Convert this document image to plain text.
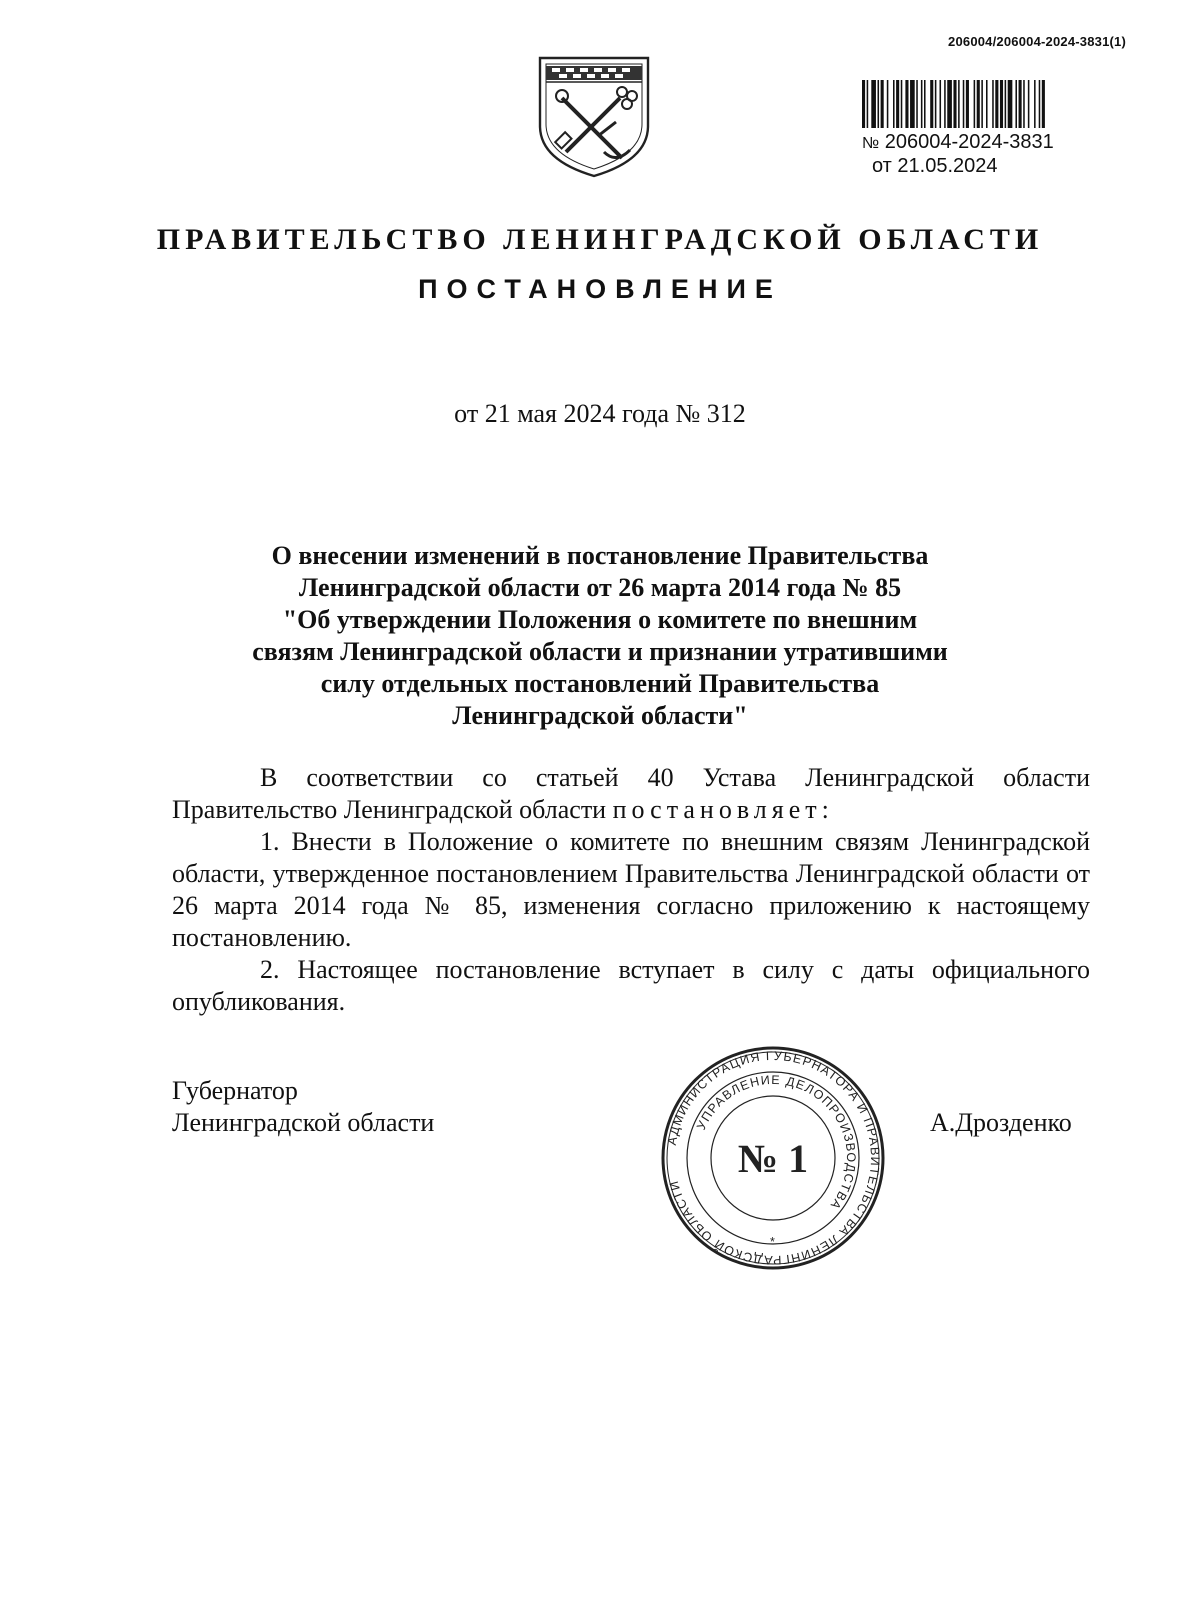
206004/206004-2024-3831(1)
№ 206004-2024-3831
от 21.05.2024
ПРАВИТЕЛЬСТВО ЛЕНИНГРАДСКОЙ ОБЛАСТИ
ПОСТАНОВЛЕНИЕ
от 21 мая 2024 года № 312
О внесении изменений в постановление Правительства
Ленинградской области от 26 марта 2014 года № 85
"Об утверждении Положения о комитете по внешним
связям Ленинградской области и признании утратившими
силу отдельных постановлений Правительства
Ленинградской области"

В соответствии со статьей 40 Устава Ленинградской области Правительство Ленинградской области постановляет:

1. Внести в Положение о комитете по внешним связям Ленинградской области, утвержденное постановлением Правительства Ленинградской области от 26 марта 2014 года № 85, изменения согласно приложению к настоящему постановлению.

2. Настоящее постановление вступает в силу с даты официального опубликования.

Губернатор
Ленинградской области	А.Дрозденко
АДМИНИСТРАЦИЯ ГУБЕРНАТОРА И ПРАВИТЕЛЬСТВА ЛЕНИНГРАДСКОЙ ОБЛАСТИ
УПРАВЛЕНИЕ ДЕЛОПРОИЗВОДСТВА
№ 1
*
